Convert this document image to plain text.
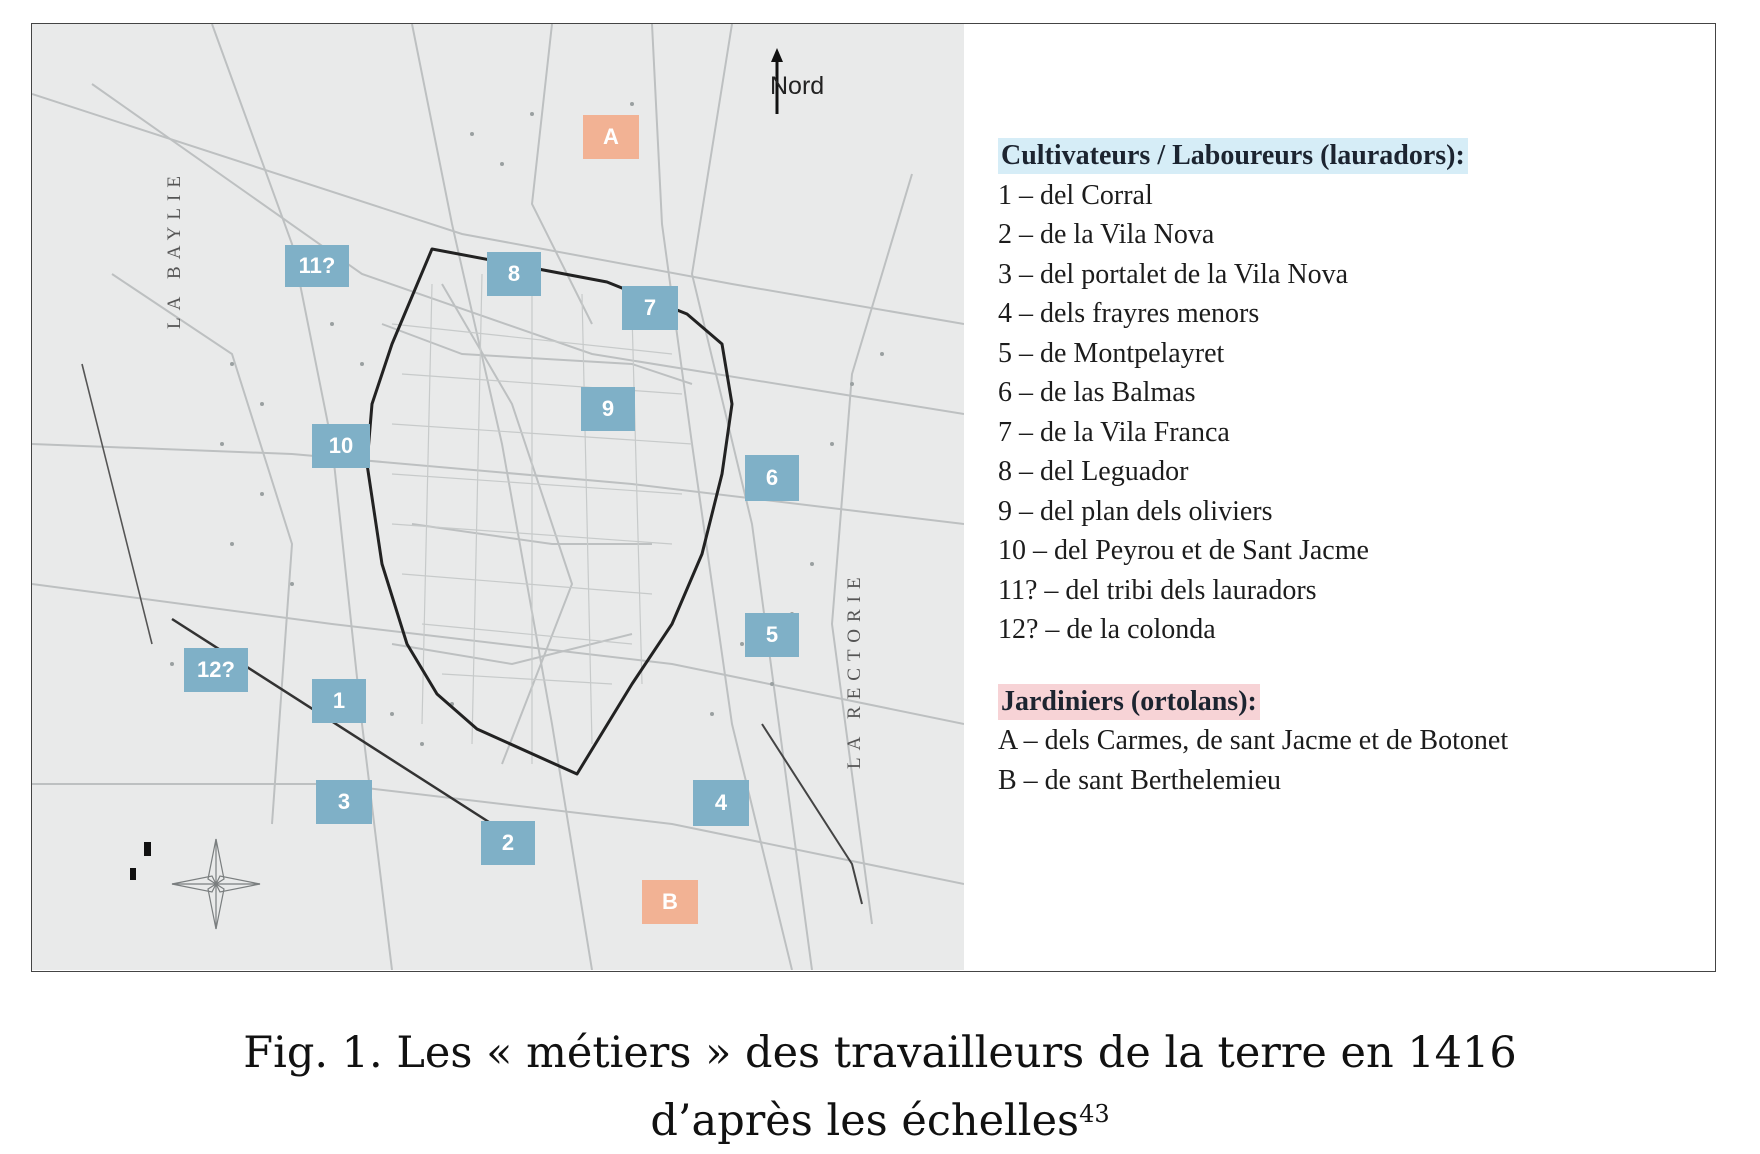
Nord
LA BAYLIE
LA RECTORIE
11?	8
7
9
10
6
5
12?
1
3	4
2
A
B
Cultivateurs / Laboureurs (lauradors):
1 – del Corral
2 – de la Vila Nova
3 – del portalet de la Vila Nova
4 – dels frayres menors
5 – de Montpelayret
6 – de las Balmas
7 – de la Vila Franca
8 – del Leguador
9 – del plan dels oliviers
10 – del Peyrou et de Sant Jacme
11? – del tribi dels lauradors
12? – de la colonda
Jardiniers (ortolans):
A – dels Carmes, de sant Jacme et de Botonet
B – de sant Berthelemieu
Fig. 1. Les « métiers » des travailleurs de la terre en 1416
d’après les échelles$^{43}$
